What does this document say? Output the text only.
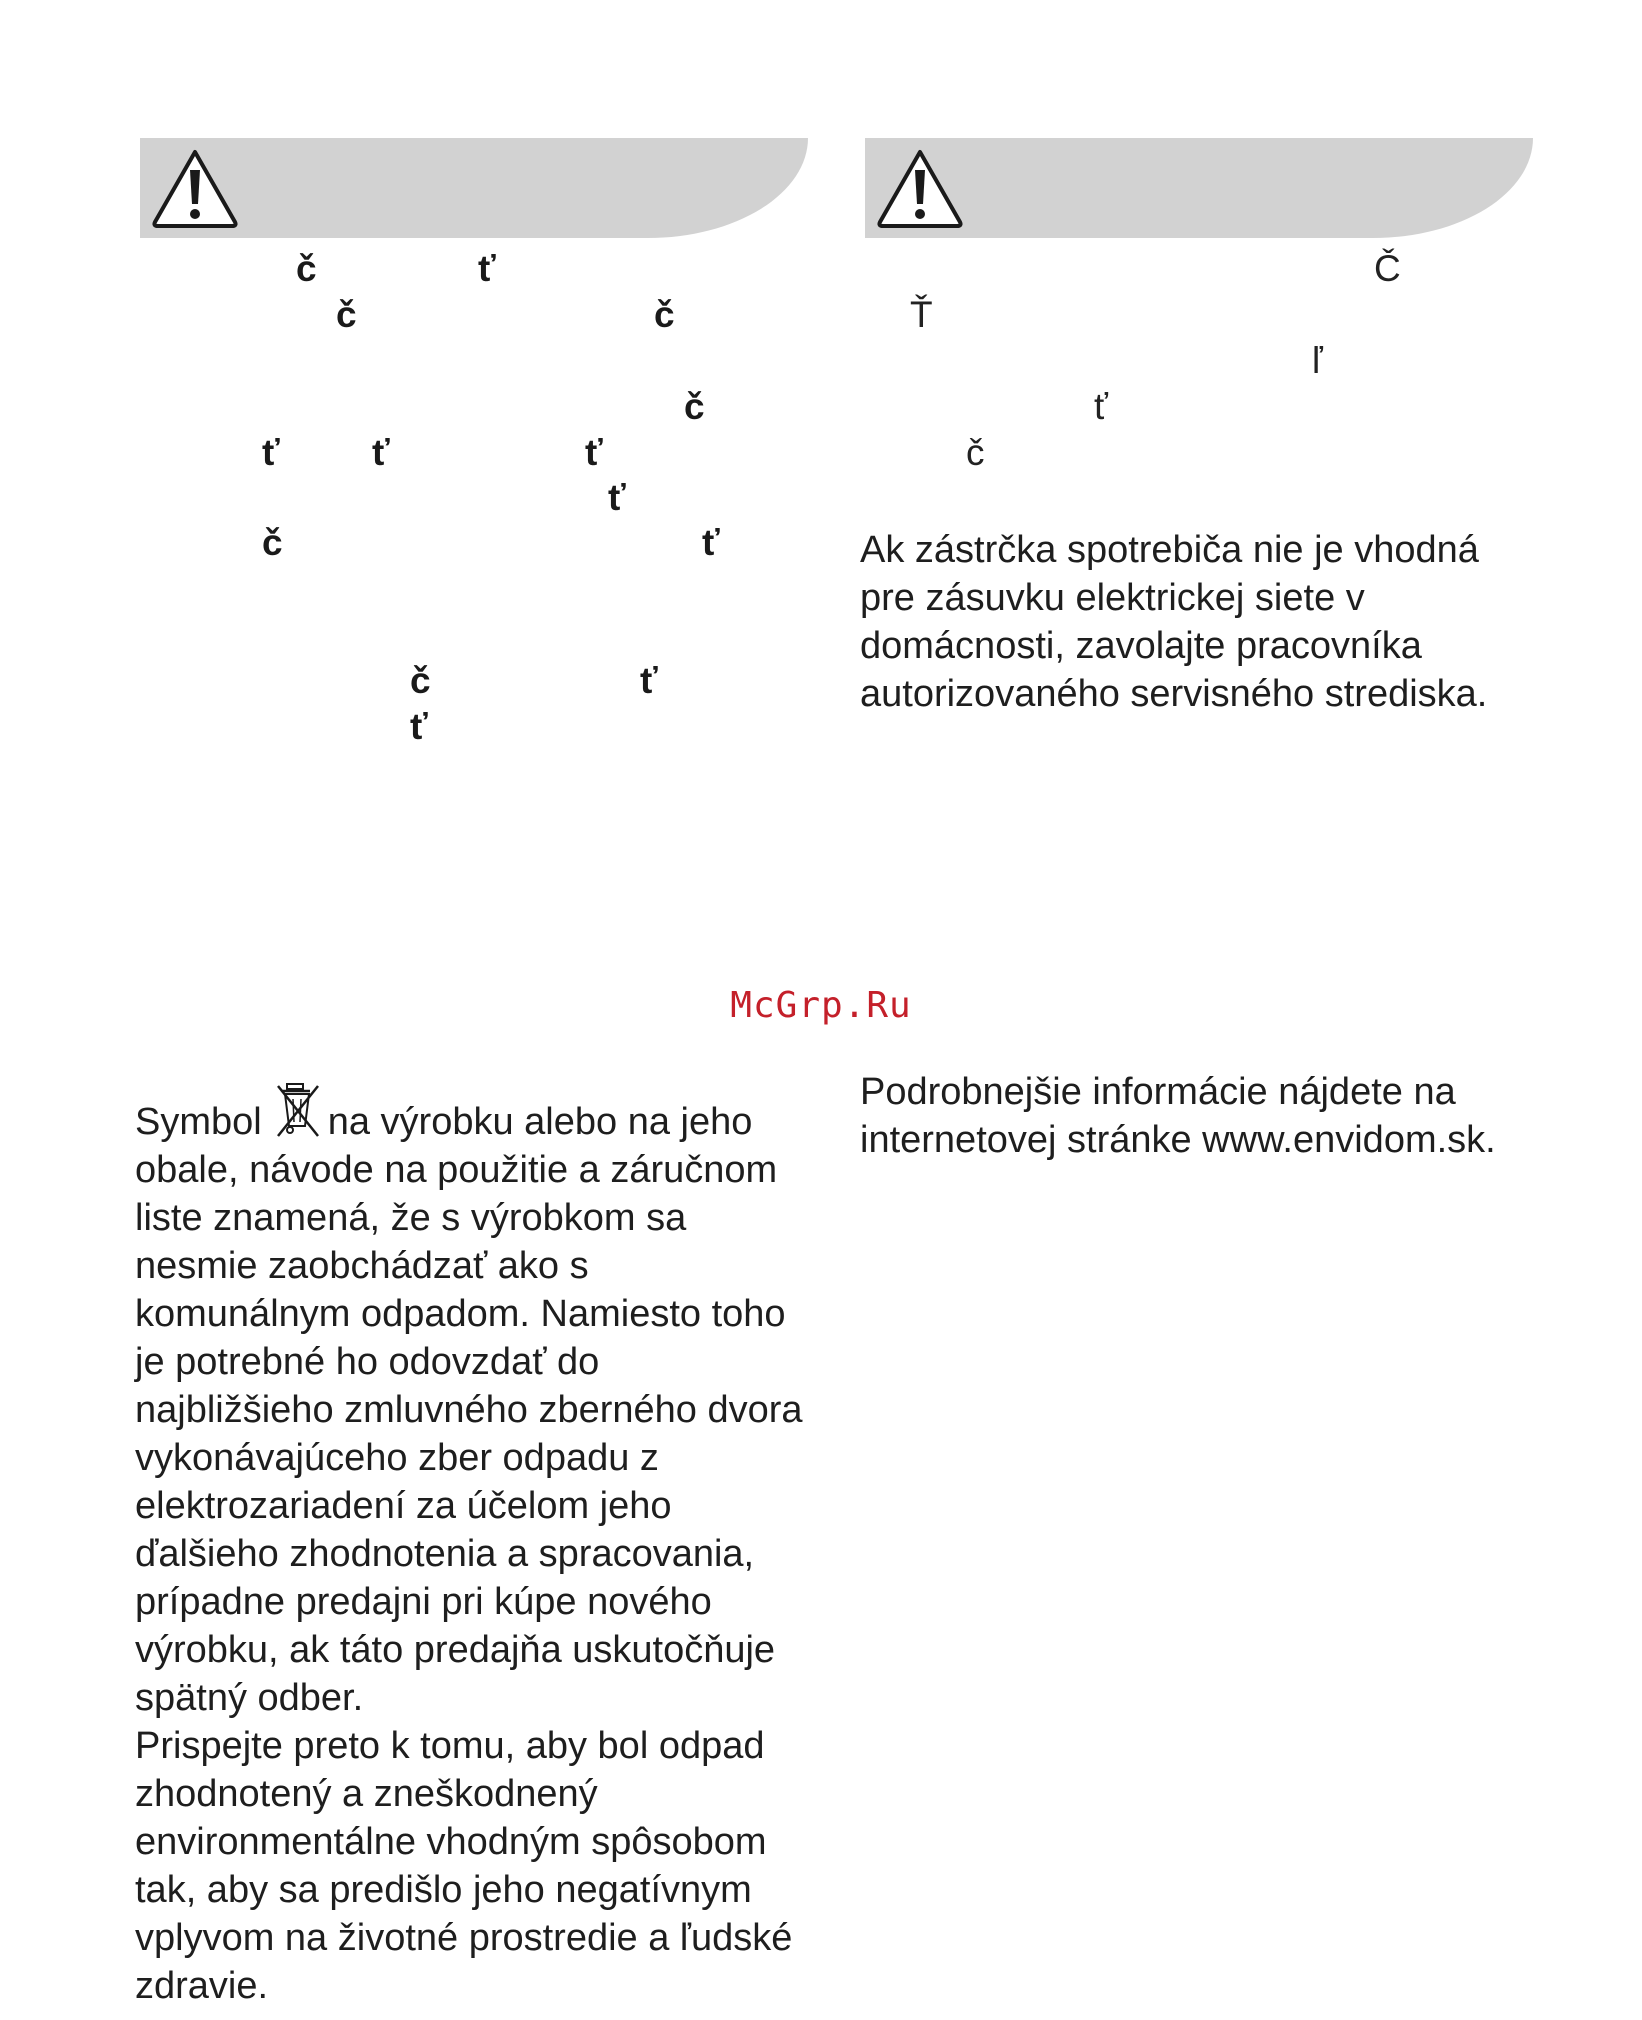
č	ť
č	č
č
ť ť	ť
ť
č	ť
č	ť
ť
Č
Ť
ľ
ť
č

Ak zástrčka spotrebiča nie je vhodná
pre zásuvku elektrickej siete v
domácnosti, zavolajte pracovníka
autorizovaného servisného strediska.

McGrp.Ru

Symbol na výrobku alebo na jeho
obale, návode na použitie a záručnom
liste znamená, že s výrobkom sa
nesmie zaobchádzať ako s
komunálnym odpadom. Namiesto toho
je potrebné ho odovzdať do
najbližšieho zmluvného zberného dvora
vykonávajúceho zber odpadu z
elektrozariadení za účelom jeho
ďalšieho zhodnotenia a spracovania,
prípadne predajni pri kúpe nového
výrobku, ak táto predajňa uskutočňuje
spätný odber.
Prispejte preto k tomu, aby bol odpad
zhodnotený a zneškodnený
environmentálne vhodným spôsobom
tak, aby sa predišlo jeho negatívnym
vplyvom na životné prostredie a ľudské
zdravie.

Podrobnejšie informácie nájdete na
internetovej stránke www.envidom.sk.
